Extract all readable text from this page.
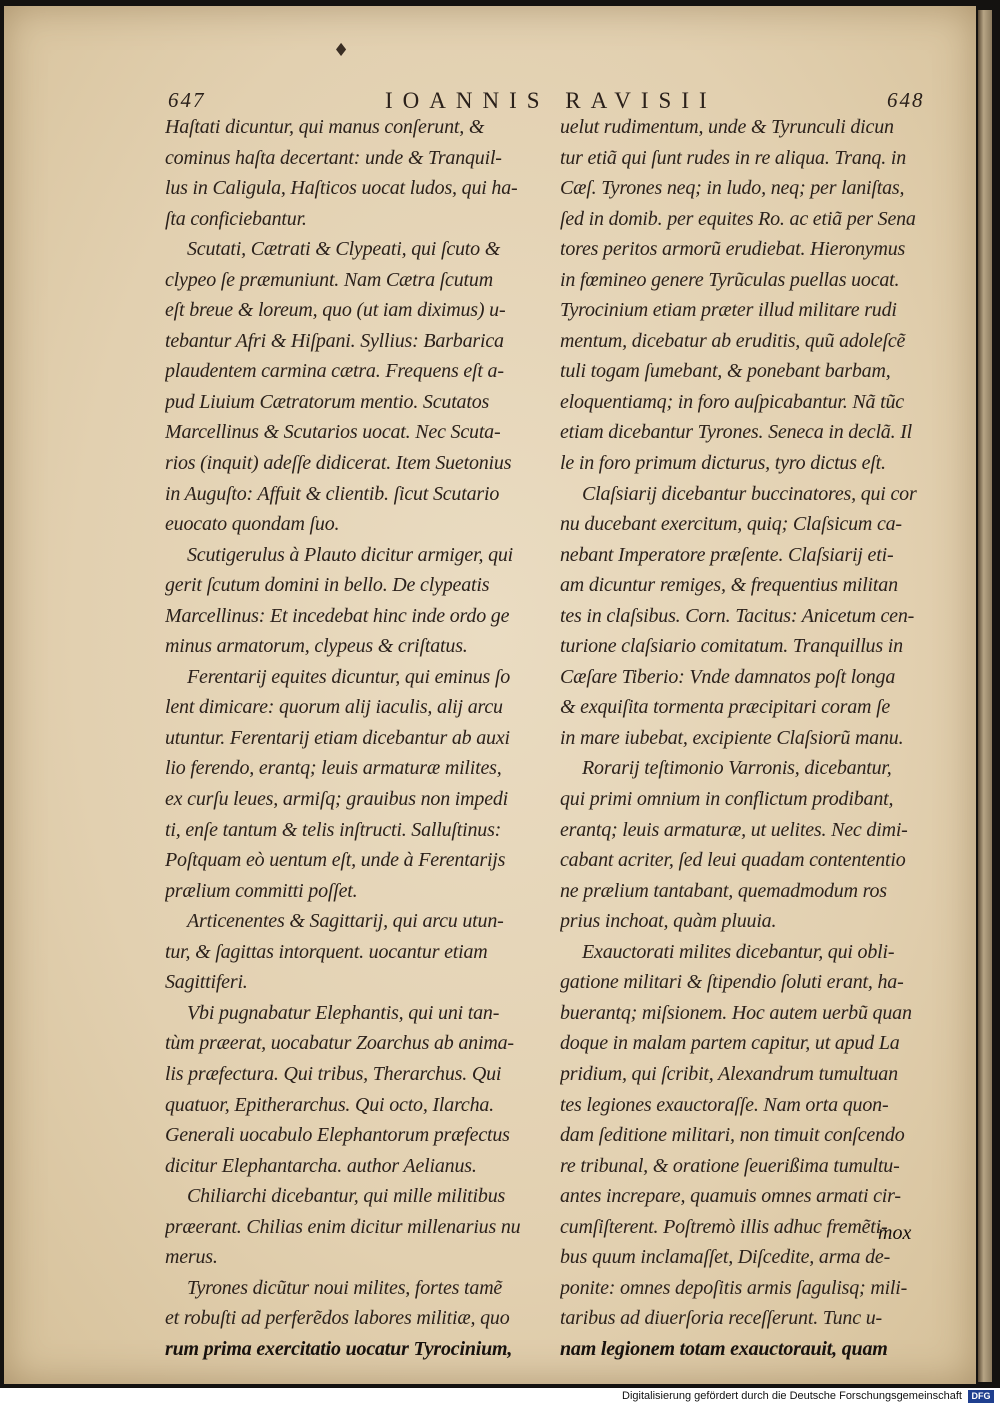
♦
647	IOANNIS RAVISII	648
Haſtati dicuntur, qui manus conſerunt, &
cominus haſta decertant: unde & Tranquil-
lus in Caligula, Haſticos uocat ludos, qui ha-
ſta conficiebantur.
Scutati, Cætrati & Clypeati, qui ſcuto &
clypeo ſe præmuniunt. Nam Cætra ſcutum
eſt breue & loreum, quo (ut iam diximus) u-
tebantur Afri & Hiſpani. Syllius: Barbarica
plaudentem carmina cætra. Frequens eſt a-
pud Liuium Cætratorum mentio. Scutatos
Marcellinus & Scutarios uocat. Nec Scuta-
rios (inquit) adeſſe didicerat. Item Suetonius
in Auguſto: Affuit & clientib. ſicut Scutario
euocato quondam ſuo.
Scutigerulus à Plauto dicitur armiger, qui
gerit ſcutum domini in bello. De clypeatis
Marcellinus: Et incedebat hinc inde ordo ge
minus armatorum, clypeus & criſtatus.
Ferentarij equites dicuntur, qui eminus ſo
lent dimicare: quorum alij iaculis, alij arcu
utuntur. Ferentarij etiam dicebantur ab auxi
lio ferendo, erantq; leuis armaturæ milites,
ex curſu leues, armiſq; grauibus non impedi
ti, enſe tantum & telis inſtructi. Salluſtinus:
Poſtquam eò uentum eſt, unde à Ferentarijs
prælium committi poſſet.
Articenentes & Sagittarij, qui arcu utun-
tur, & ſagittas intorquent. uocantur etiam
Sagittiferi.
Vbi pugnabatur Elephantis, qui uni tan-
tùm præerat, uocabatur Zoarchus ab anima-
lis præfectura. Qui tribus, Therarchus. Qui
quatuor, Epitherarchus. Qui octo, Ilarcha.
Generali uocabulo Elephantorum præfectus
dicitur Elephantarcha. author Aelianus.
Chiliarchi dicebantur, qui mille militibus
præerant. Chilias enim dicitur millenarius nu
merus.
Tyrones dicũtur noui milites, fortes tamẽ
et robuſti ad perferẽdos labores militiæ, quo
rum prima exercitatio uocatur Tyrocinium,
uelut rudimentum, unde & Tyrunculi dicun
tur etiã qui ſunt rudes in re aliqua. Tranq. in
Cæſ. Tyrones neq; in ludo, neq; per laniſtas,
ſed in domib. per equites Ro. ac etiã per Sena
tores peritos armorũ erudiebat. Hieronymus
in fœmineo genere Tyrũculas puellas uocat.
Tyrocinium etiam præter illud militare rudi
mentum, dicebatur ab eruditis, quũ adoleſcẽ
tuli togam ſumebant, & ponebant barbam,
eloquentiamq; in foro auſpicabantur. Nã tũc
etiam dicebantur Tyrones. Seneca in declã. Il
le in foro primum dicturus, tyro dictus eſt.
Claſsiarij dicebantur buccinatores, qui cor
nu ducebant exercitum, quiq; Claſsicum ca-
nebant Imperatore præſente. Claſsiarij eti-
am dicuntur remiges, & frequentius militan
tes in claſsibus. Corn. Tacitus: Anicetum cen-
turione claſsiario comitatum. Tranquillus in
Cæſare Tiberio: Vnde damnatos poſt longa
& exquiſita tormenta præcipitari coram ſe
in mare iubebat, excipiente Claſsiorũ manu.
Rorarij teſtimonio Varronis, dicebantur,
qui primi omnium in conflictum prodibant,
erantq; leuis armaturæ, ut uelites. Nec dimi-
cabant acriter, ſed leui quadam contententio
ne prælium tantabant, quemadmodum ros
prius inchoat, quàm pluuia.
Exauctorati milites dicebantur, qui obli-
gatione militari & ſtipendio ſoluti erant, ha-
buerantq; miſsionem. Hoc autem uerbũ quan
doque in malam partem capitur, ut apud La
pridium, qui ſcribit, Alexandrum tumultuan
tes legiones exauctoraſſe. Nam orta quon-
dam ſeditione militari, non timuit conſcendo
re tribunal, & oratione ſeuerißima tumultu-
antes increpare, quamuis omnes armati cir-
cumſiſterent. Poſtremò illis adhuc fremẽti-
bus quum inclamaſſet, Diſcedite, arma de-
ponite: omnes depoſitis armis ſagulisq; mili-
taribus ad diuerſoria receſſerunt. Tunc u-
nam legionem totam exauctorauit, quam
mox
Digitalisierung gefördert durch die Deutsche Forschungsgemeinschaft	DFG
